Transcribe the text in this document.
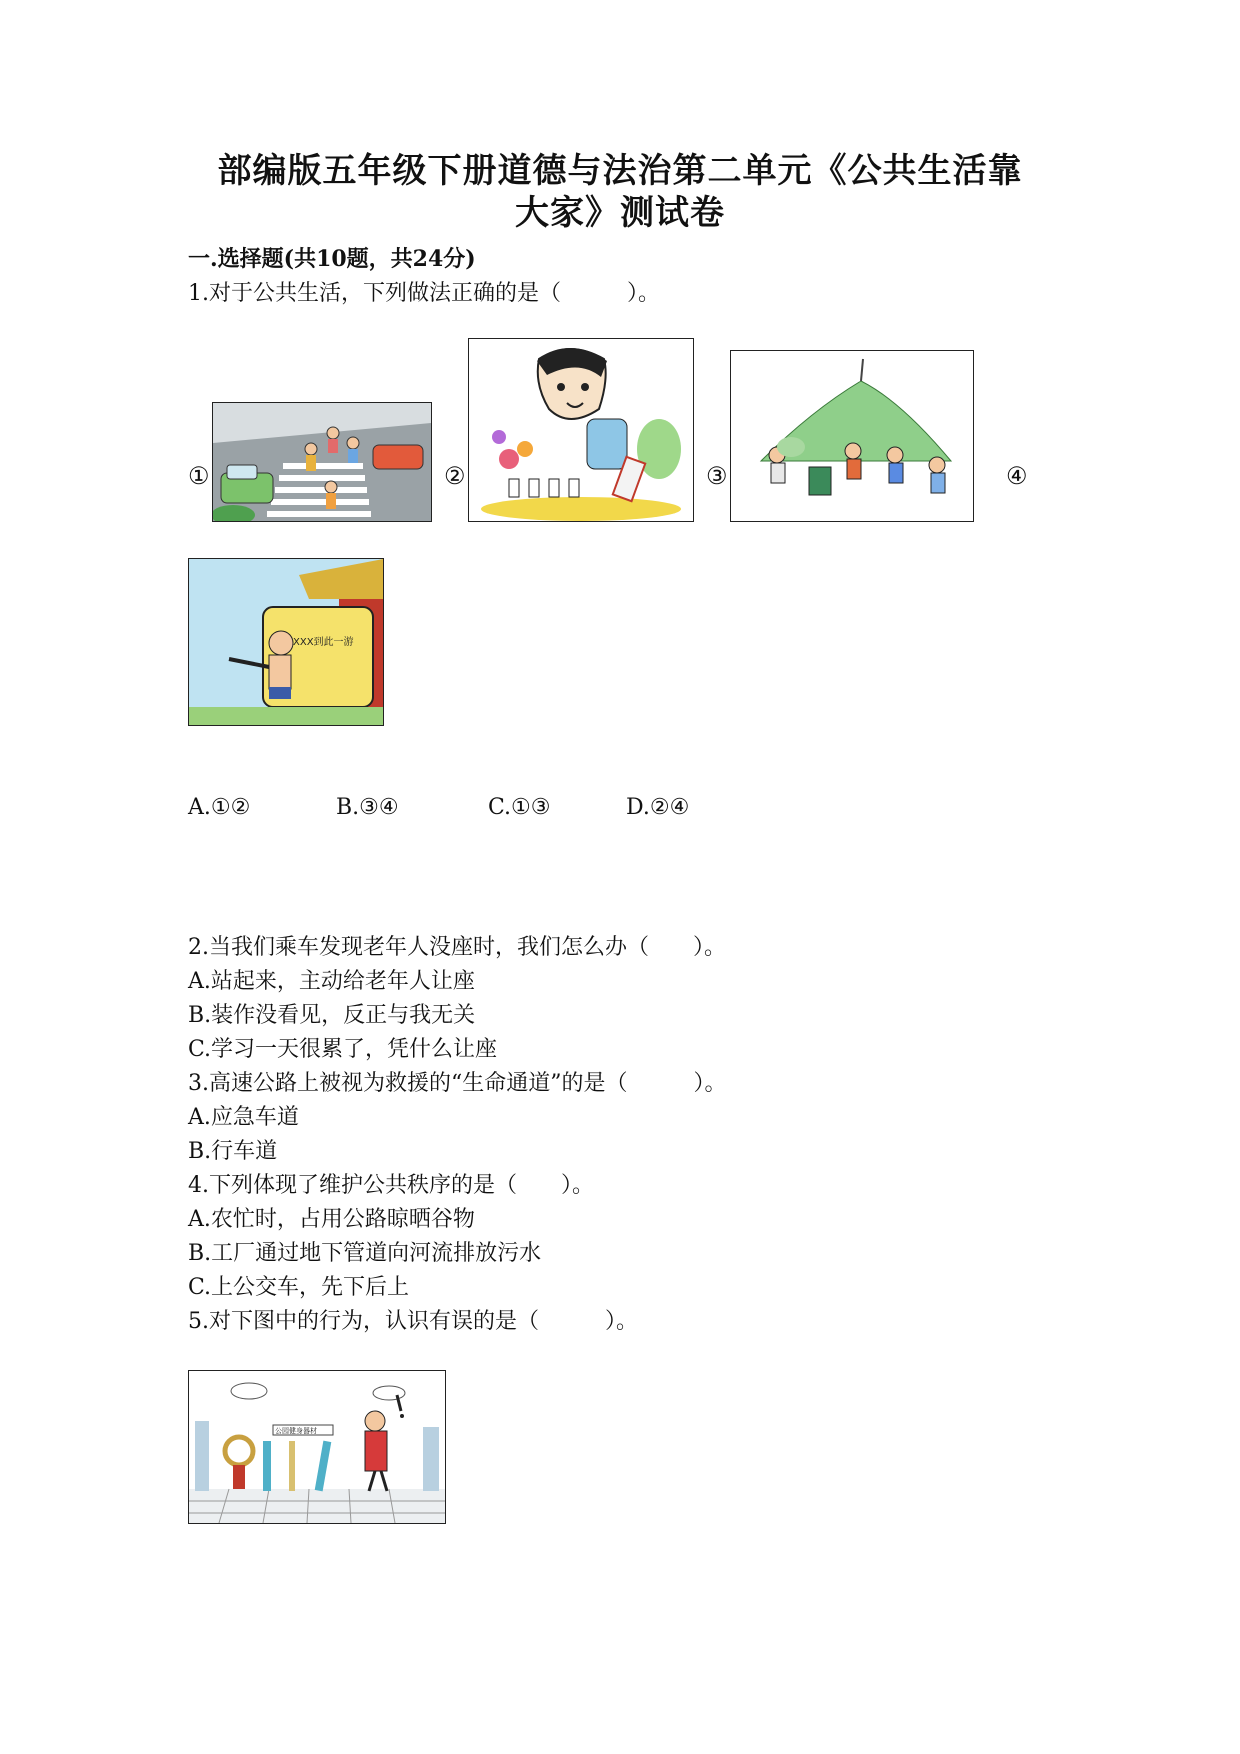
部编版五年级下册道德与法治第二单元《公共生活靠
大家》测试卷
一.选择题(共10题，共24分)
1.对于公共生活，下列做法正确的是（　　　）。
①	②	③	④
XXX到此一游
A.①②	B.③④	C.①③	D.②④
2.当我们乘车发现老年人没座时，我们怎么办（　　）。
A.站起来，主动给老年人让座
B.装作没看见，反正与我无关
C.学习一天很累了，凭什么让座
3.高速公路上被视为救援的“生命通道”的是（　　　）。
A.应急车道
B.行车道
4.下列体现了维护公共秩序的是（　　）。
A.农忙时，占用公路晾晒谷物
B.工厂通过地下管道向河流排放污水
C.上公交车，先下后上
5.对下图中的行为，认识有误的是（　　　）。
公园健身器材
